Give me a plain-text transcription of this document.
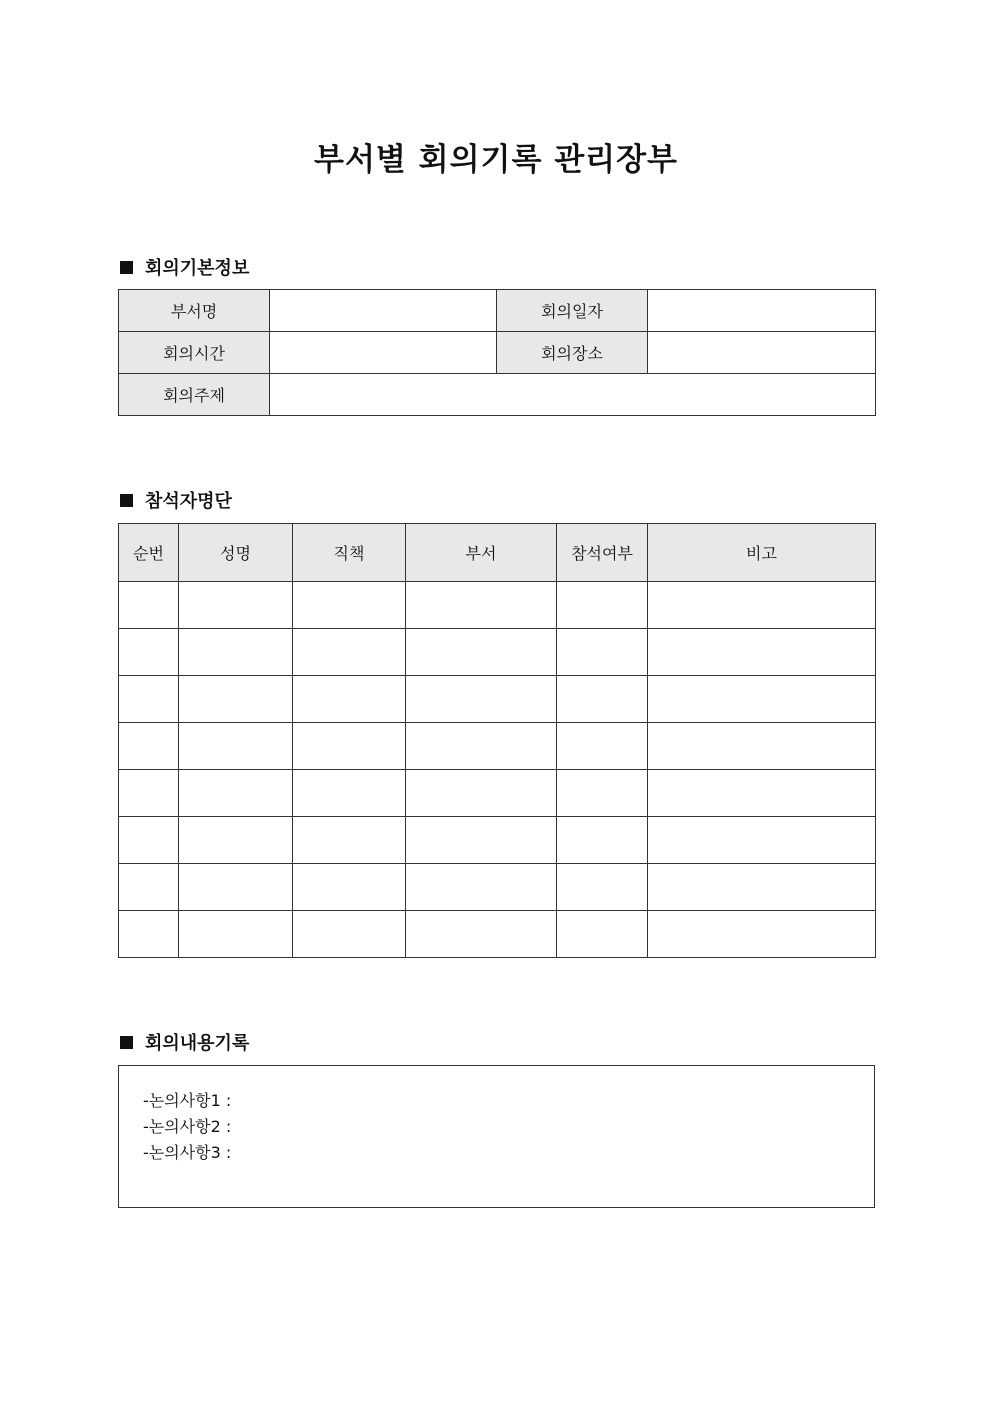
부서별 회의기록 관리장부
회의기본정보
부서명		회의일자	
회의시간		회의장소	
회의주제			
참석자명단
순번	성명	직책	부서	참석여부	비고

회의내용기록
-논의사항1 :
-논의사항2 :
-논의사항3 :
